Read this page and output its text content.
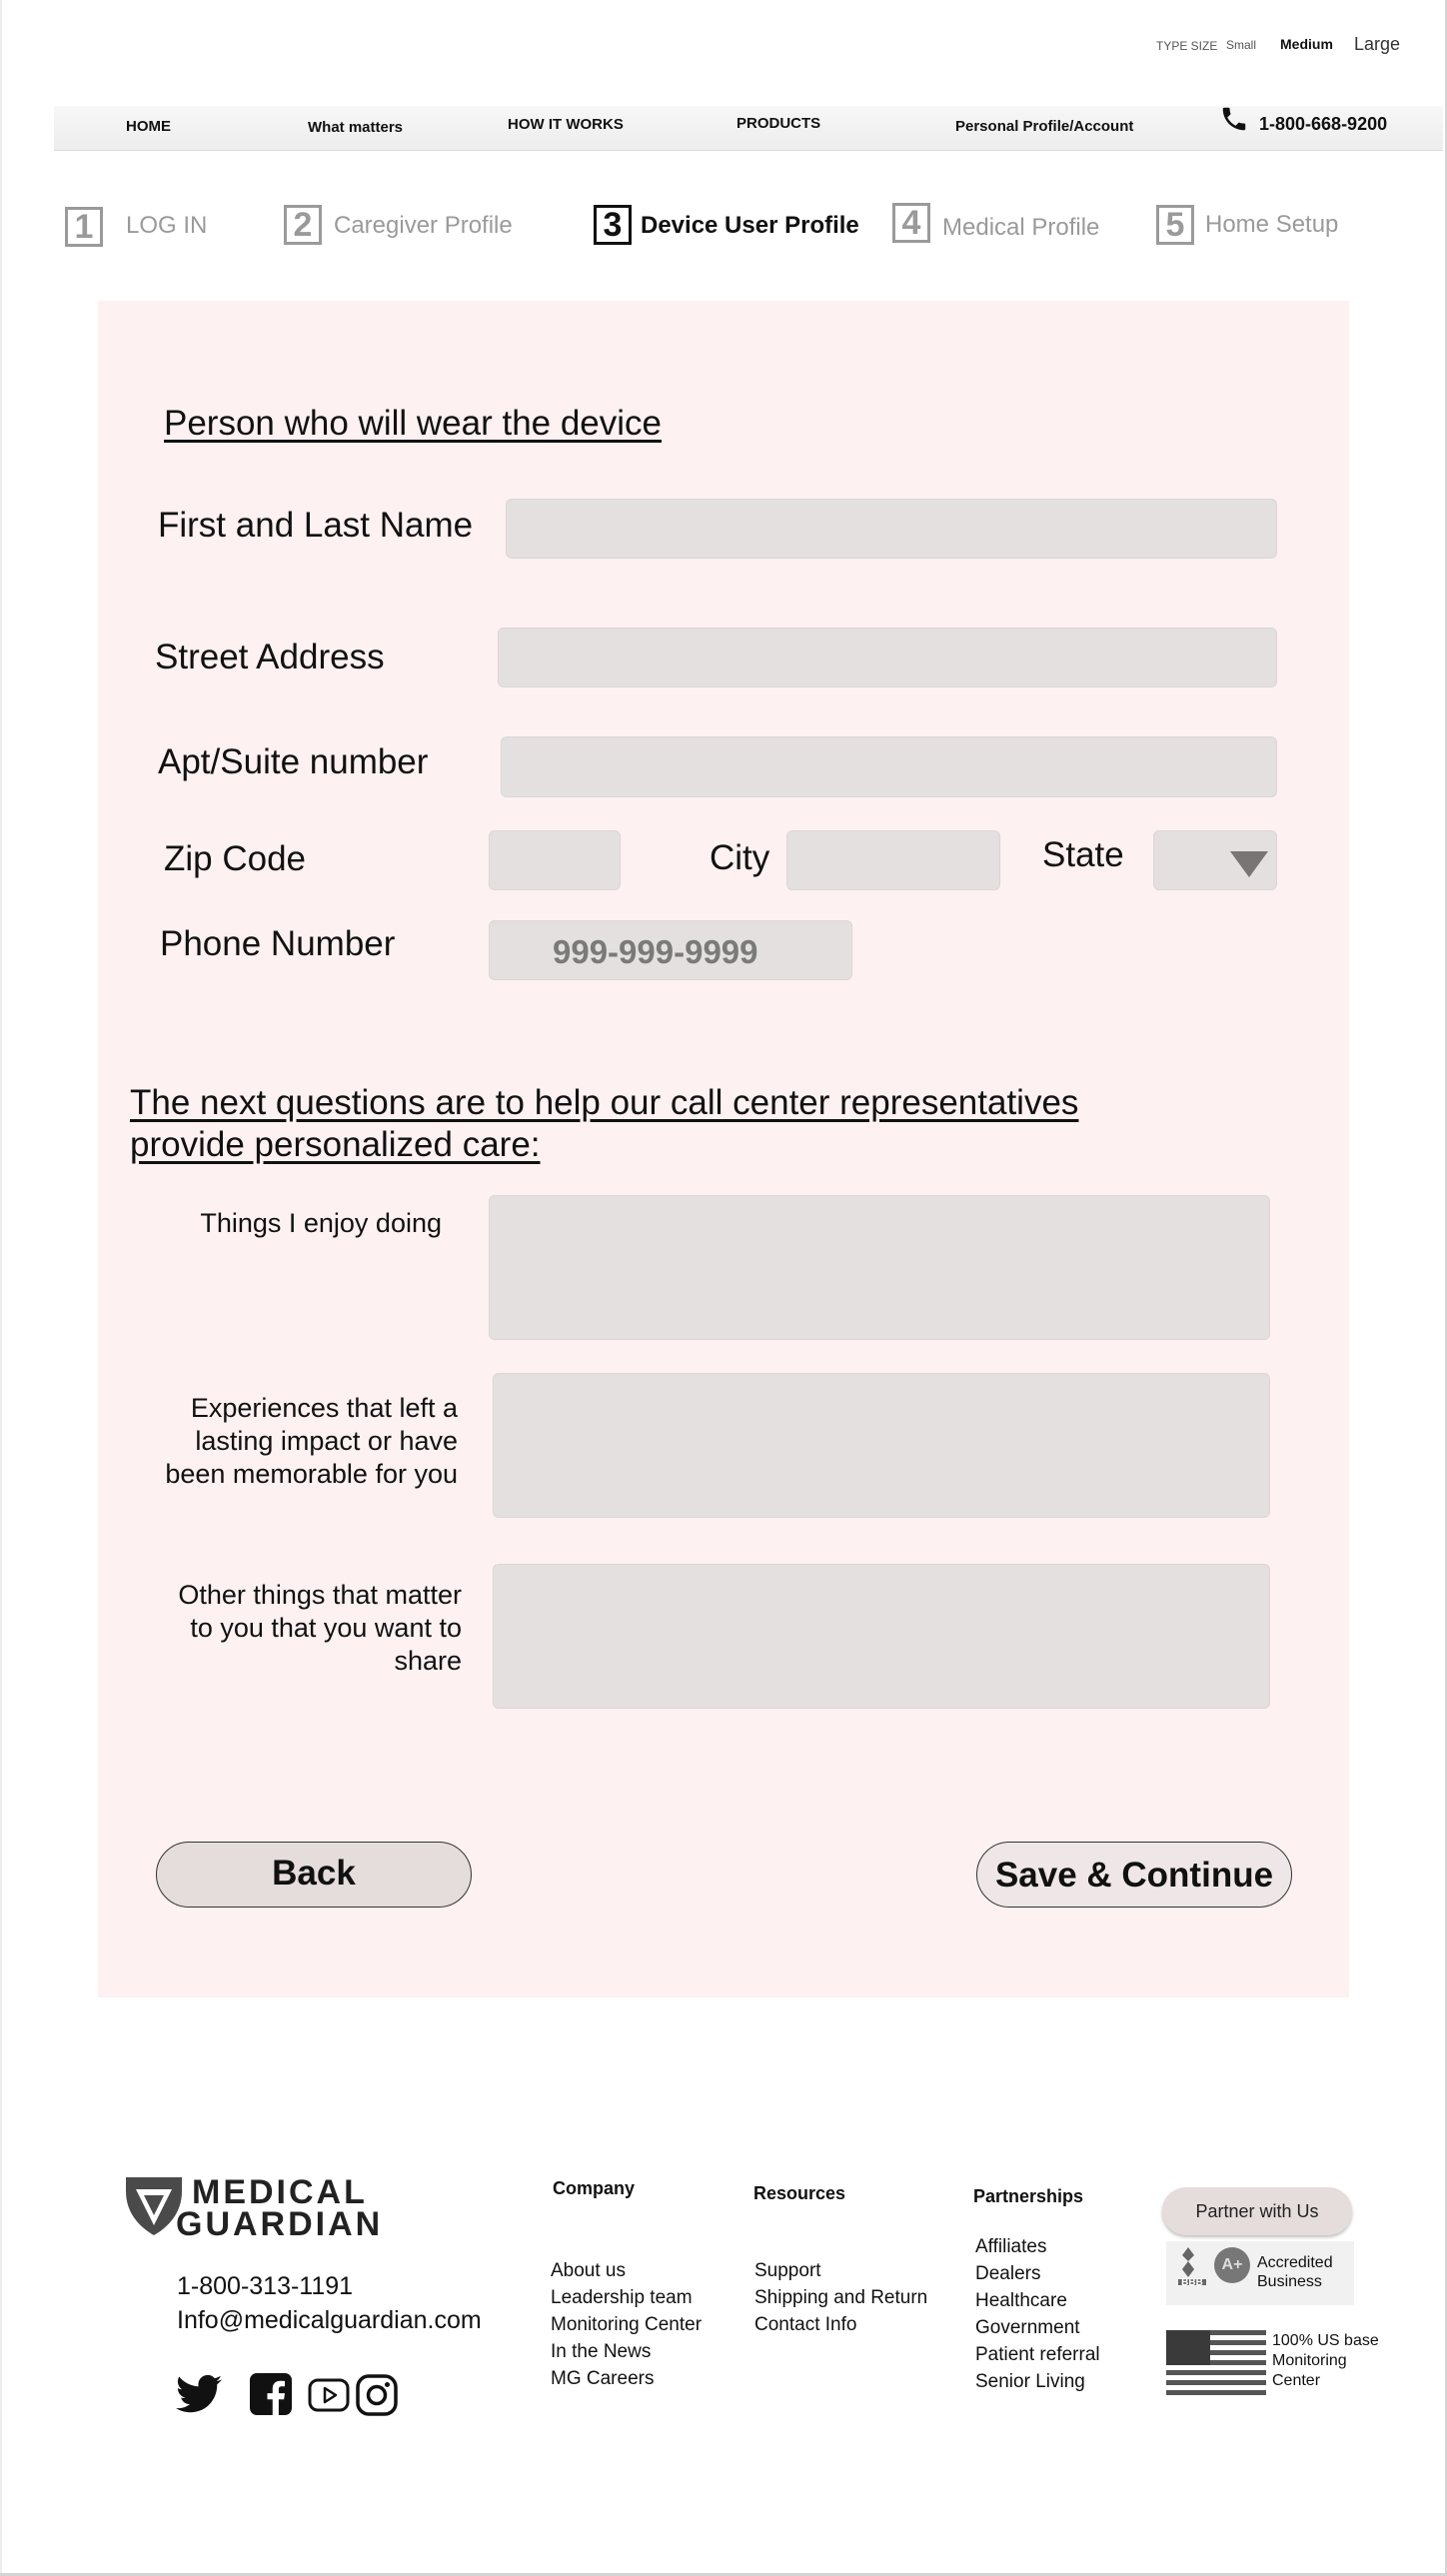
TYPE SIZE Small Medium Large
HOME	What matters	HOW IT WORKS	PRODUCTS	Personal Profile/Account	1-800-668-9200
1	LOG IN	2 Caregiver Profile	3 Device User Profile 4 Medical Profile 5 Home Setup
Person who will wear the device
First and Last Name
Street Address
Apt/Suite number
Zip Code	City	State
Phone Number	999-999-9999
The next questions are to help our call center representatives
provide personalized care:
Things I enjoy doing
Experiences that left a
lasting impact or have
been memorable for you
Other things that matter
to you that you want to
share
Back	Save & Continue
MEDICAL
GUARDIAN
1-800-313-1191
Info@medicalguardian.com
Company
About us
Leadership team
Monitoring Center
In the News
MG Careers
Resources
Support
Shipping and Return
Contact Info
Partnerships
Affiliates
Dealers
Healthcare
Government
Patient referral
Senior Living
Partner with Us
BBB
A+ Accredited
Business
100% US base
Monitoring
Center
